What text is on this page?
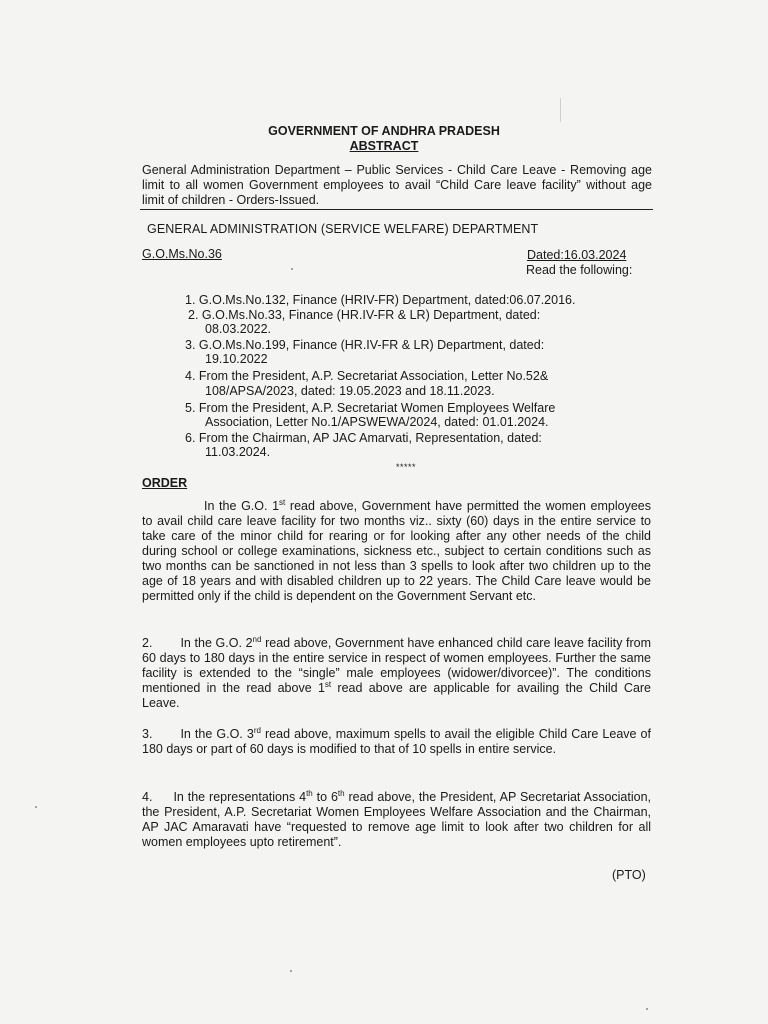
GOVERNMENT OF ANDHRA PRADESH

ABSTRACT

General Administration Department – Public Services - Child Care Leave - Removing age limit to all women Government employees to avail “Child Care leave facility” without age limit of children - Orders-Issued.

GENERAL ADMINISTRATION (SERVICE WELFARE) DEPARTMENT

G.O.Ms.No.36	Dated:16.03.2024

Read the following:

1. G.O.Ms.No.132, Finance (HRIV-FR) Department, dated:06.07.2016.

2. G.O.Ms.No.33, Finance (HR.IV-FR & LR) Department, dated:

08.03.2022.

3. G.O.Ms.No.199, Finance (HR.IV-FR & LR) Department, dated:

19.10.2022

4. From the President, A.P. Secretariat Association, Letter No.52&

108/APSA/2023, dated: 19.05.2023 and 18.11.2023.

5. From the President, A.P. Secretariat Women Employees Welfare

Association, Letter No.1/APSWEWA/2024, dated: 01.01.2024.

6. From the Chairman, AP JAC Amarvati, Representation, dated:

11.03.2024.

*****

ORDER

In the G.O. 1st read above, Government have permitted the women employees to avail child care leave facility for two months viz.. sixty (60) days in the entire service to take care of the minor child for rearing or for looking after any other needs of the child during school or college examinations, sickness etc., subject to certain conditions such as two months can be sanctioned in not less than 3 spells to look after two children up to the age of 18 years and with disabled children up to 22 years. The Child Care leave would be permitted only if the child is dependent on the Government Servant etc.

2. In the G.O. 2nd read above, Government have enhanced child care leave facility from 60 days to 180 days in the entire service in respect of women employees. Further the same facility is extended to the “single” male employees (widower/divorcee)”. The conditions mentioned in the read above 1st read above are applicable for availing the Child Care Leave.

3. In the G.O. 3rd read above, maximum spells to avail the eligible Child Care Leave of 180 days or part of 60 days is modified to that of 10 spells in entire service.

4. In the representations 4th to 6th read above, the President, AP Secretariat Association, the President, A.P. Secretariat Women Employees Welfare Association and the Chairman, AP JAC Amaravati have “requested to remove age limit to look after two children for all women employees upto retirement”.

(PTO)
